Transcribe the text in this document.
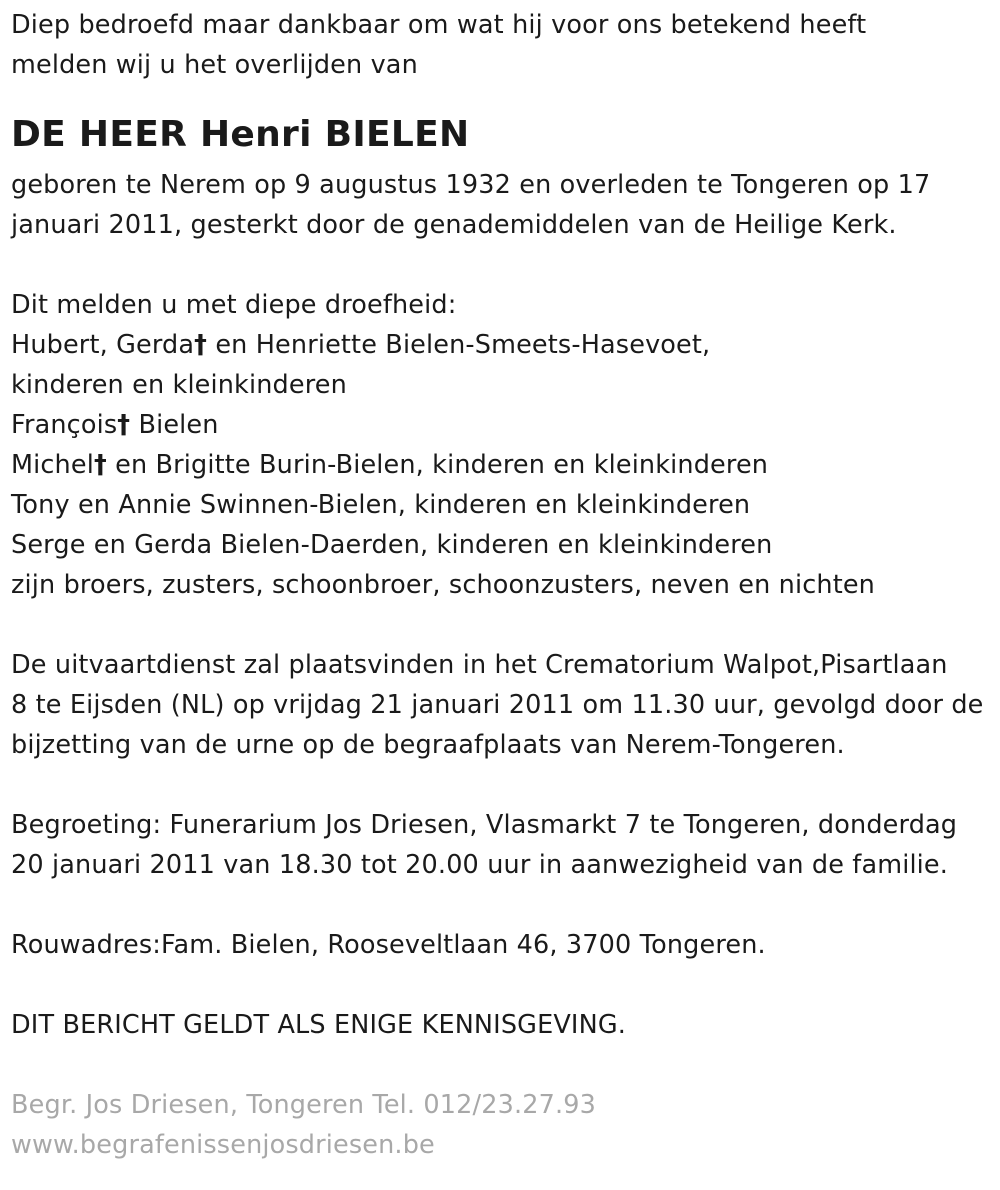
Diep bedroefd maar dankbaar om wat hij voor ons betekend heeft
melden wij u het overlijden van
DE HEER Henri BIELEN
geboren te Nerem op 9 augustus 1932 en overleden te Tongeren op 17
januari 2011, gesterkt door de genademiddelen van de Heilige Kerk.
Dit melden u met diepe droefheid:
Hubert, Gerda† en Henriette Bielen-Smeets-Hasevoet,
kinderen en kleinkinderen
François† Bielen
Michel† en Brigitte Burin-Bielen, kinderen en kleinkinderen
Tony en Annie Swinnen-Bielen, kinderen en kleinkinderen
Serge en Gerda Bielen-Daerden, kinderen en kleinkinderen
zijn broers, zusters, schoonbroer, schoonzusters, neven en nichten
De uitvaartdienst zal plaatsvinden in het Crematorium Walpot,Pisartlaan
8 te Eijsden (NL) op vrijdag 21 januari 2011 om 11.30 uur, gevolgd door de
bijzetting van de urne op de begraafplaats van Nerem-Tongeren.
Begroeting: Funerarium Jos Driesen, Vlasmarkt 7 te Tongeren, donderdag
20 januari 2011 van 18.30 tot 20.00 uur in aanwezigheid van de familie.
Rouwadres:Fam. Bielen, Rooseveltlaan 46, 3700 Tongeren.
DIT BERICHT GELDT ALS ENIGE KENNISGEVING.
Begr. Jos Driesen, Tongeren Tel. 012/23.27.93
www.begrafenissenjosdriesen.be
